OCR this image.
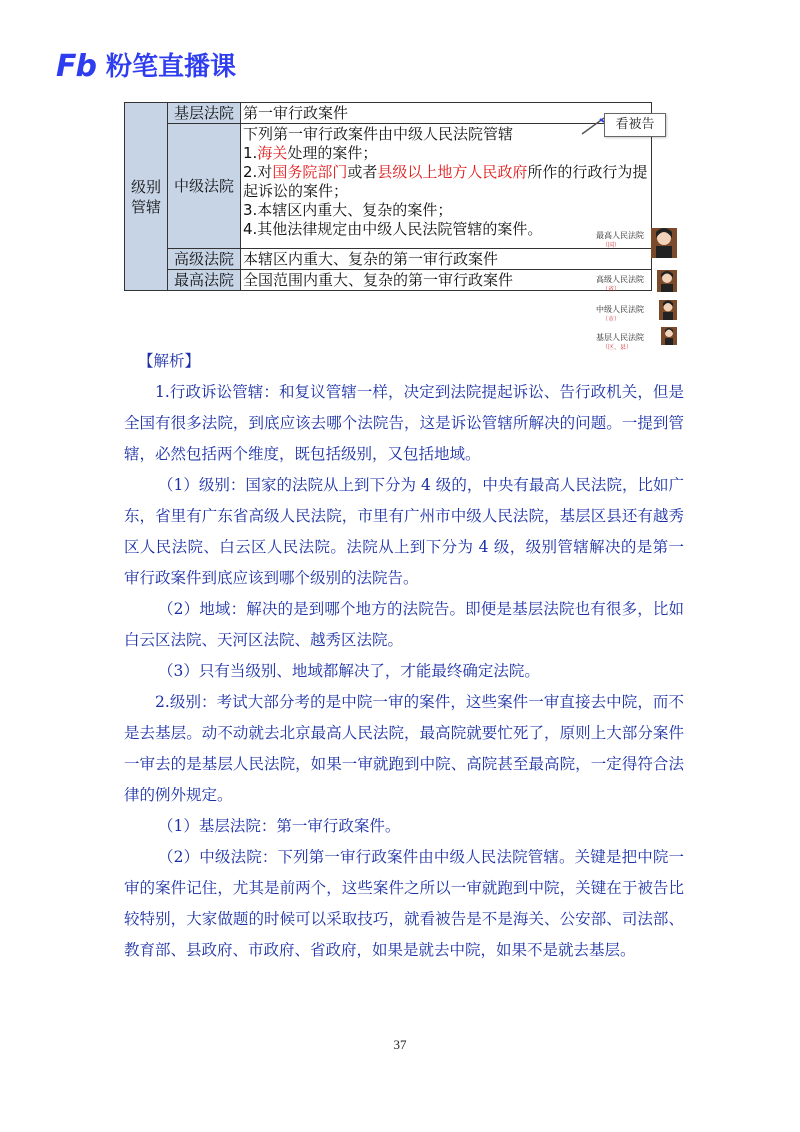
Fb 粉笔直播课
级别管辖	基层法院	第一审行政案件
	中级法院	下列第一审行政案件由中级人民法院管辖
1.海关处理的案件；
2.对国务院部门或者县级以上地方人民政府所作的行政行为提起诉讼的案件；
3.本辖区内重大、复杂的案件；
4.其他法律规定由中级人民法院管辖的案件。

	高级法院	本辖区内重大、复杂的第一审行政案件
	最高法院	全国范围内重大、复杂的第一审行政案件
看被告
最高人民法院
（国）
高级人民法院
（省）
中级人民法院
（市）
基层人民法院
（区、县）

【解析】

1.行政诉讼管辖：和复议管辖一样，决定到法院提起诉讼、告行政机关，但是全国有很多法院，到底应该去哪个法院告，这是诉讼管辖所解决的问题。一提到管辖，必然包括两个维度，既包括级别，又包括地域。

（1）级别：国家的法院从上到下分为 4 级的，中央有最高人民法院，比如广东，省里有广东省高级人民法院，市里有广州市中级人民法院，基层区县还有越秀区人民法院、白云区人民法院。法院从上到下分为 4 级，级别管辖解决的是第一审行政案件到底应该到哪个级别的法院告。

（2）地域：解决的是到哪个地方的法院告。即便是基层法院也有很多，比如白云区法院、天河区法院、越秀区法院。

（3）只有当级别、地域都解决了，才能最终确定法院。

2.级别：考试大部分考的是中院一审的案件，这些案件一审直接去中院，而不是去基层。动不动就去北京最高人民法院，最高院就要忙死了，原则上大部分案件一审去的是基层人民法院，如果一审就跑到中院、高院甚至最高院，一定得符合法律的例外规定。

（1）基层法院：第一审行政案件。

（2）中级法院：下列第一审行政案件由中级人民法院管辖。关键是把中院一审的案件记住，尤其是前两个，这些案件之所以一审就跑到中院，关键在于被告比较特别，大家做题的时候可以采取技巧，就看被告是不是海关、公安部、司法部、教育部、县政府、市政府、省政府，如果是就去中院，如果不是就去基层。

37
